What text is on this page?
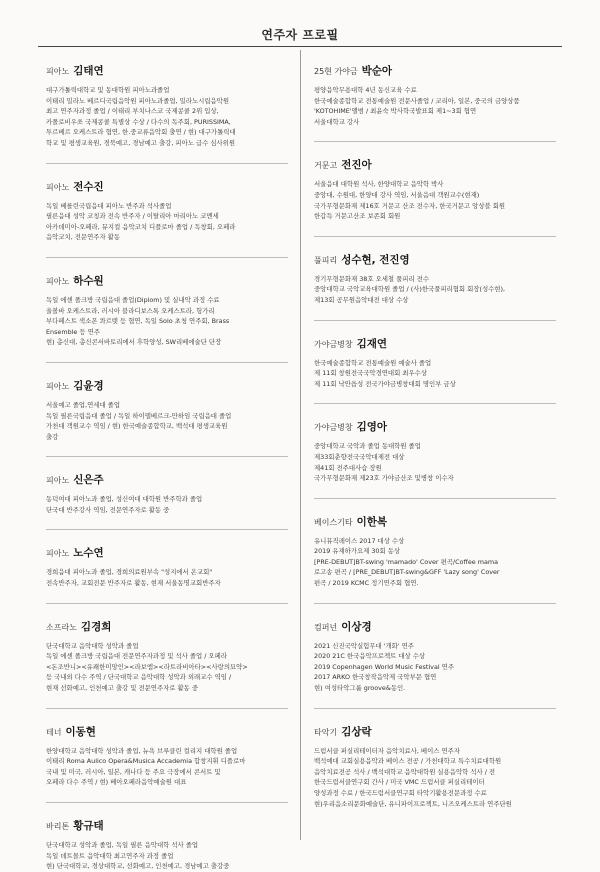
연주자 프로필
피아노 김태연
대구가톨릭대학교 및 동대학원 피아노과졸업
이태리 밀라노 베르디국립음악원 피아노과졸업, 밀라노시립음악원
최고 연주자과정 졸업 / 이태리 부치나스코 국제콩쿨 2위 입상,
카폴로비우쏘 국제콩쿨 특별상 수상 / 다수의 독주회, PURISSIMA,
투르베르 오케스트라 협연, 한.중교류음악회 출연 / 현) 대구가톨릭대
학교 및 평생교육원, 경북예고, 경남예고 출강, 피아노 급수 심사위원
피아노 전수진
독일 베를린국립음대 피아노 반주과 석사졸업
필른음대 성악 코칭과 전속 반주자 / 이탈리아 마리아노 코멘세
아카데미아-오페라, 뮤지컬 음악코치 디플로마 졸업 / 독창회, 오페라
음악코치, 전문연주자 활동
피아노 하수원
독일 에센 폴크방 국립음대 졸업(Diplom) 및 실내악 과정 수료
울볼바 오케스트라, 러시아 블라디보스톡 오케스트라, 헝가리
부다페스트 색소폰 콰르텟 등 협연, 독일 Solo 초청 연주회, Brass
Ensemble 등 연주
현) 총신대, 총신콘서바토리에서 후학양성, SW리베에술단 단장
피아노 김윤경
서울예고 졸업,연세대 졸업
독일 필른국립음대 졸업 / 독일 하이델베르크-만하임 국립음대 졸업
가천대 객원교수 역임 / 현) 한국예술종합학교, 백석대 평생교육원
출강
피아노 신은주
동덕여대 피아노과 졸업, 성신여대 대학원 반주학과 졸업
단국대 반주강사 역임, 전문연주자로 활동 중
피아노 노수연
경희음대 피아노과 졸업, 경희의료원부속 "성지에서 온교회"
전속반주자, 교회전문 반주자로 활동, 현재 서울동명교회반주자
소프라노 김경희
단국대학교 음악대학 성악과 졸업
독일 에센 폴크방 국립음대 전문연주자과정 및 석사 졸업 / 오페라
<돈조반니><유쾌한미망인><라보엠><라트라비아타><사랑의묘약>
등 국내외 다수 주역 / 단국대학교 음악대학 성악과 외래교수 역임 /
현재 선화예고, 인천예고 출강 및 전문연주자로 활동 중
테너 이동현
한양대학교 음악대학 성악과 졸업, 뉴욕 브루클린 컬리지 대학원 졸업
이태리 Roma Aulico Opera&Musica Accademia 합창지휘 디플로마
국내 및 미국, 러시아, 일본, 캐나다 등 주요 극장에서 콘서트 및
오페라 다수 주역 / 현) 베아오페라음악예술원 대표
바리톤 황규태
단국대학교 성악과 졸업, 독일 필른 음악대학 석사 졸업
독일 데트몰트 음악대학 최고연주자 과정 졸업
현) 단국대학교, 경상대학교, 선화예고, 인천예고, 경남예고 출강중
25현 가야금 박순아
평양음악무용대학 4년 동신교육 수료
한국예술종합학교 전통예술원 전문사졸업 / 코리아, 일본, 중국의 금양상품
'KOTOHIME'앨범 / 최윤숙 박사학국발표회 제1~3회 협연
서울대학교 강사
거문고 전진아
서울음대 대학원 석사, 한양대학교 음악학 박사
중앙대, 수원대, 한양대 강사 역임, 서울음대 객원교수(현재)
국가무형문화재 제16호 거문고 산조 전수자, 한국거문고 앙상블 회원
한갑득 거문고산조 보존회 회원
풀피리 성수현, 전진영
경기무형문화재 38호 오세철 풀피리 전수
중앙대학교 국악교육대학원 졸업 / (사)한국풀피리협회 회장(성수현),
제13회 공무원음악대전 대상 수상
가야금병창 김재연
한국예술종합학교 전통예술원 예술사 졸업
제 11회 창원전국국악경연대회 최우수상
제 11회 낙안읍성 전국가야금병창대회 명인부 금상
가야금병창 김영아
중앙대학교 국악과 졸업 동대학원 졸업
제33회춘향전국국악대제전 대상
제41회 전주대사습 장원
국가무형문화재 제23호 가야금산조 및병창 이수자
베이스기타 이한복
유니뮤직레이스 2017 대상 수상
2019 유재하가요제 30회 동상
[PRE-DEBUT]BT-swing 'mamado' Cover 편곡/Coffee mama
로고송 편곡 / [PRE_DEBUT]BT-swing&GFF 'Lazy song' Cover
편곡 / 2019 KCMC 정기연주회 협연.
컴퍼넌 이상경
2021 신진국악실험무대 '개화' 연주
2020 21C 한국음악프로젝트 대상 수상
2019 Copenhagen World Music Festival 연주
2017 ARKO 한국창작음악제 국악부문 협연
현) 여성타악그룹 groove&동인.
타악기 김상락
드럼서클 퍼실리테이터자 음악치료사, 베이스 연주자
백석예대 교회실용음악과 베이스 전공 / 가천대학교 특수치료대학원
음악치료전공 석사 / 백석대학교 음악대학원 실용음악학 석사 / 전
한국드럼서클연구회 간사 / 미국 VMC 드럼서클 퍼실리테이터
양성과정 수료 / 한국드럼서클연구회 타악기활용전문과정 수료
현)우리음소리문화예술단, 유니파이프로젝트, 니즈오케스트라 연주단원
